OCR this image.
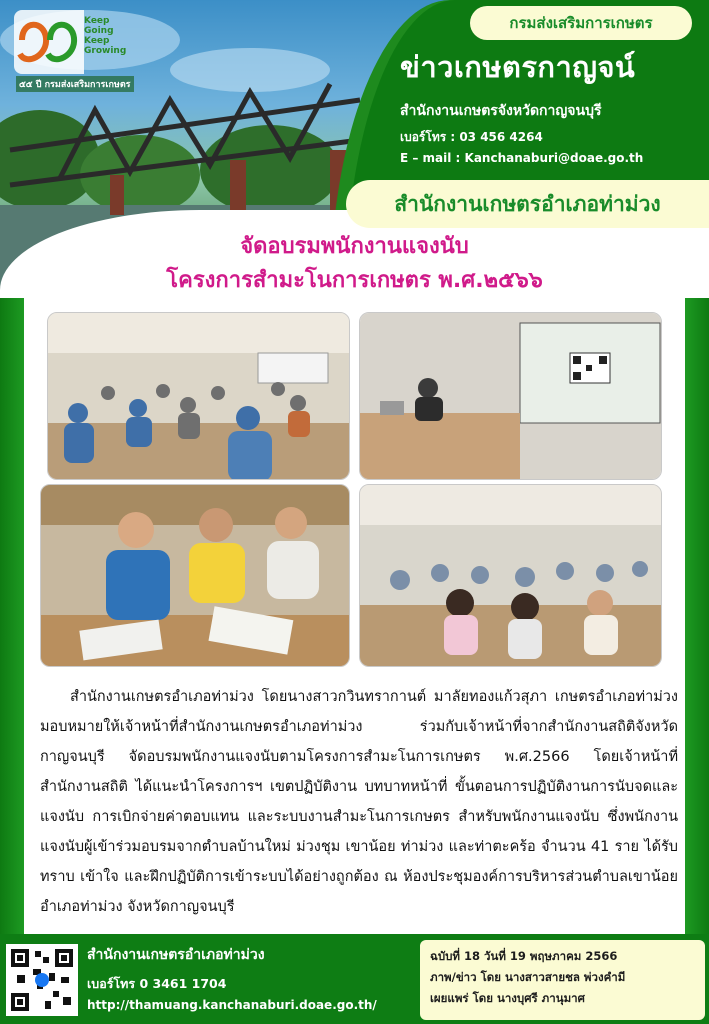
Keep
Going
Keep
Growing
๕๕ ปี กรมส่งเสริมการเกษตร
กรมส่งเสริมการเกษตร
ข่าวเกษตรกาญจน์
สำนักงานเกษตรจังหวัดกาญจนบุรี
เบอร์โทร : 03 456 4264
E – mail : Kanchanaburi@doae.go.th
สำนักงานเกษตรอำเภอท่าม่วง
จัดอบรมพนักงานแจงนับ
โครงการสำมะโนการเกษตร พ.ศ.๒๕๖๖
สำนักงานเกษตรอำเภอท่าม่วง โดยนางสาวกวินทรากานต์ มาลัยทองแก้วสุภา เกษตรอำเภอท่าม่วง มอบหมายให้เจ้าหน้าที่สำนักงานเกษตรอำเภอท่าม่วง ร่วมกับเจ้าหน้าที่จากสำนักงานสถิติจังหวัดกาญจนบุรี จัดอบรมพนักงานแจงนับตามโครงการสำมะโนการเกษตร พ.ศ.2566 โดยเจ้าหน้าที่สำนักงานสถิติ ได้แนะนำโครงการฯ เขตปฏิบัติงาน บทบาทหน้าที่ ขั้นตอนการปฏิบัติงานการนับจดและแจงนับ การเบิกจ่ายค่าตอบแทน และระบบงานสำมะโนการเกษตร สำหรับพนักงานแจงนับ ซึ่งพนักงานแจงนับผู้เข้าร่วมอบรมจากตำบลบ้านใหม่ ม่วงชุม เขาน้อย ท่าม่วง และท่าตะคร้อ จำนวน 41 ราย ได้รับทราบ เข้าใจ และฝึกปฏิบัติการเข้าระบบได้อย่างถูกต้อง ณ ห้องประชุมองค์การบริหารส่วนตำบลเขาน้อย อำเภอท่าม่วง จังหวัดกาญจนบุรี
สำนักงานเกษตรอำเภอท่าม่วง
เบอร์โทร 0 3461 1704
http://thamuang.kanchanaburi.doae.go.th/
ฉบับที่ 18 วันที่ 19 พฤษภาคม 2566
ภาพ/ข่าว โดย นางสาวสายชล พ่วงคำมี
เผยแพร่ โดย นางบุศรี ภานุมาศ
